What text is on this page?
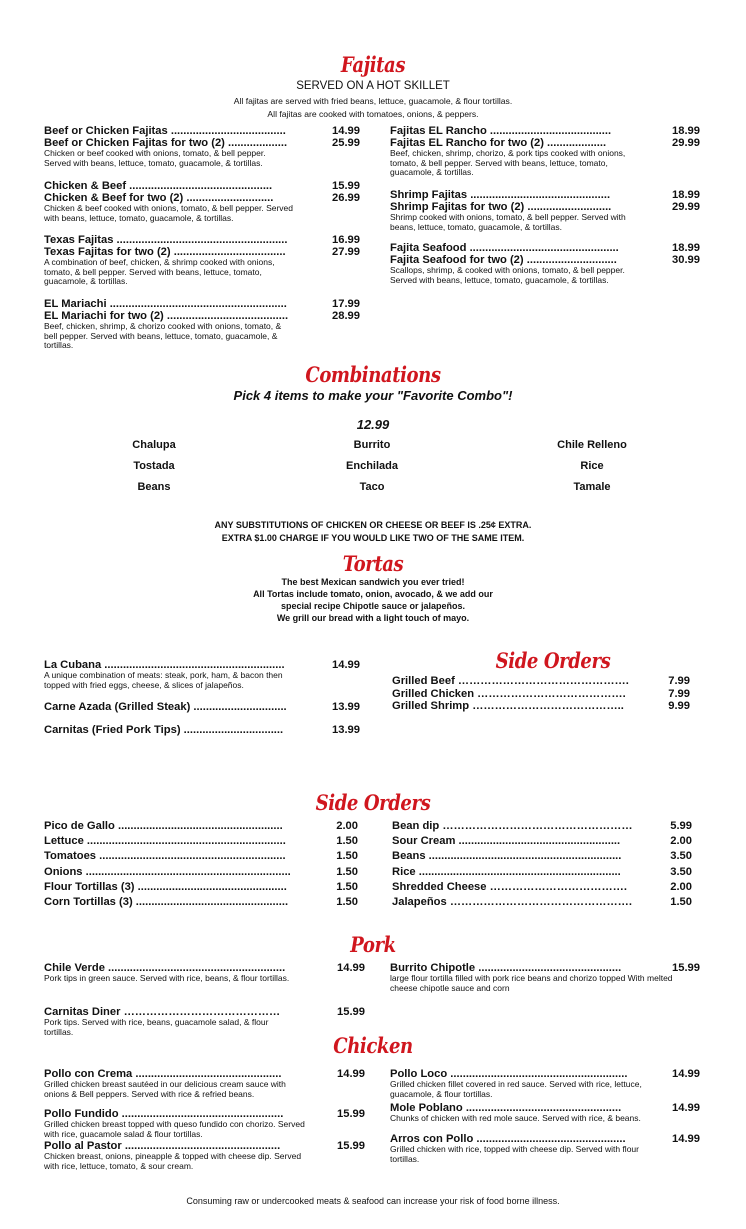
Fajitas
SERVED ON A HOT SKILLET
All fajitas are served with fried beans, lettuce, guacamole, & flour tortillas.
All fajitas are cooked with tomatoes, onions, & peppers.
Beef or Chicken Fajitas .....................................	14.99
Beef or Chicken Fajitas for two (2) ...................	25.99
Chicken or beef cooked with onions, tomato, & bell pepper. Served with beans, lettuce, tomato, guacamole, & tortillas.
Chicken & Beef ..............................................	15.99
Chicken & Beef for two (2) ............................	26.99
Chicken & beef cooked with onions, tomato, & bell pepper. Served with beans, lettuce, tomato, guacamole, & tortillas.
Texas Fajitas .......................................................	16.99
Texas Fajitas for two (2) ....................................	27.99
A combination of beef, chicken, & shrimp cooked with onions, tomato, & bell pepper. Served with beans, lettuce, tomato, guacamole, & tortillas.
EL Mariachi .........................................................	17.99
EL Mariachi for two (2) .......................................	28.99
Beef, chicken, shrimp, & chorizo cooked with onions, tomato, & bell pepper. Served with beans, lettuce, tomato, guacamole, & tortillas.
Fajitas EL Rancho .......................................	18.99
Fajitas EL Rancho for two (2) ...................	29.99
Beef, chicken, shrimp, chorizo, & pork tips cooked with onions, tomato, & bell pepper. Served with beans, lettuce, tomato, guacamole, & tortillas.
Shrimp Fajitas .............................................	18.99
Shrimp Fajitas for two (2) ...........................	29.99
Shrimp cooked with onions, tomato, & bell pepper. Served with beans, lettuce, tomato, guacamole, & tortillas.
Fajita Seafood ................................................	18.99
Fajita Seafood for two (2) .............................	30.99
Scallops, shrimp, & cooked with onions, tomato, & bell pepper. Served with beans, lettuce, tomato, guacamole, & tortillas.
Combinations
Pick 4 items to make your "Favorite Combo"!
12.99
Chalupa	Burrito	Chile Relleno
Tostada	Enchilada	Rice
Beans	Taco	Tamale
ANY SUBSTITUTIONS OF CHICKEN OR CHEESE OR BEEF IS .25¢ EXTRA.
EXTRA $1.00 CHARGE IF YOU WOULD LIKE TWO OF THE SAME ITEM.
Tortas
The best Mexican sandwich you ever tried!
All Tortas include tomato, onion, avocado, & we add our
special recipe Chipotle sauce or jalapeños.
We grill our bread with a light touch of mayo.
La Cubana ..........................................................	14.99
A unique combination of meats: steak, pork, ham, & bacon then topped with fried eggs, cheese, & slices of jalapeños.
Carne Azada (Grilled Steak) ..............................	13.99
Carnitas (Fried Pork Tips) ................................	13.99
Side Orders
Grilled Beef ……………………………………….	7.99
Grilled Chicken ………………………………….	7.99
Grilled Shrimp …………………………………..	9.99
Side Orders
Pico de Gallo .....................................................	2.00
Lettuce ................................................................	1.50
Tomatoes ............................................................	1.50
Onions ..................................................................	1.50
Flour Tortillas (3) ................................................	1.50
Corn Tortillas (3) .................................................	1.50
Bean dip ……………………………………………	5.99
Sour Cream ....................................................	2.00
Beans ..............................................................	3.50
Rice .................................................................	3.50
Shredded Cheese ……………………………….	2.00
Jalapeños ………………………………………….	1.50
Pork
Chile Verde .........................................................	14.99
Pork tips in green sauce. Served with rice, beans, & flour tortillas.
Carnitas Diner ……………………………………	15.99
Pork tips. Served with rice, beans, guacamole salad, & flour tortillas.
Burrito Chipotle ..............................................	15.99
large flour tortilla filled with pork rice beans and chorizo topped With melted cheese chipotle sauce and corn
Chicken
Pollo con Crema ...............................................	14.99
Grilled chicken breast sautéed in our delicious cream sauce with onions & Bell peppers. Served with rice & refried beans.
Pollo Fundido ....................................................	15.99
Grilled chicken breast topped with queso fundido con chorizo. Served with rice, guacamole salad & flour tortillas.
Pollo al Pastor ..................................................	15.99
Chicken breast, onions, pineapple & topped with cheese dip. Served with rice, lettuce, tomato, & sour cream.
Pollo Loco .........................................................	14.99
Grilled chicken fillet covered in red sauce. Served with rice, lettuce, guacamole, & flour tortillas.
Mole Poblano ..................................................	14.99
Chunks of chicken with red mole sauce. Served with rice, & beans.
Arros con Pollo ................................................	14.99
Grilled chicken with rice, topped with cheese dip. Served with flour tortillas.
Consuming raw or undercooked meats & seafood can increase your risk of food borne illness.
